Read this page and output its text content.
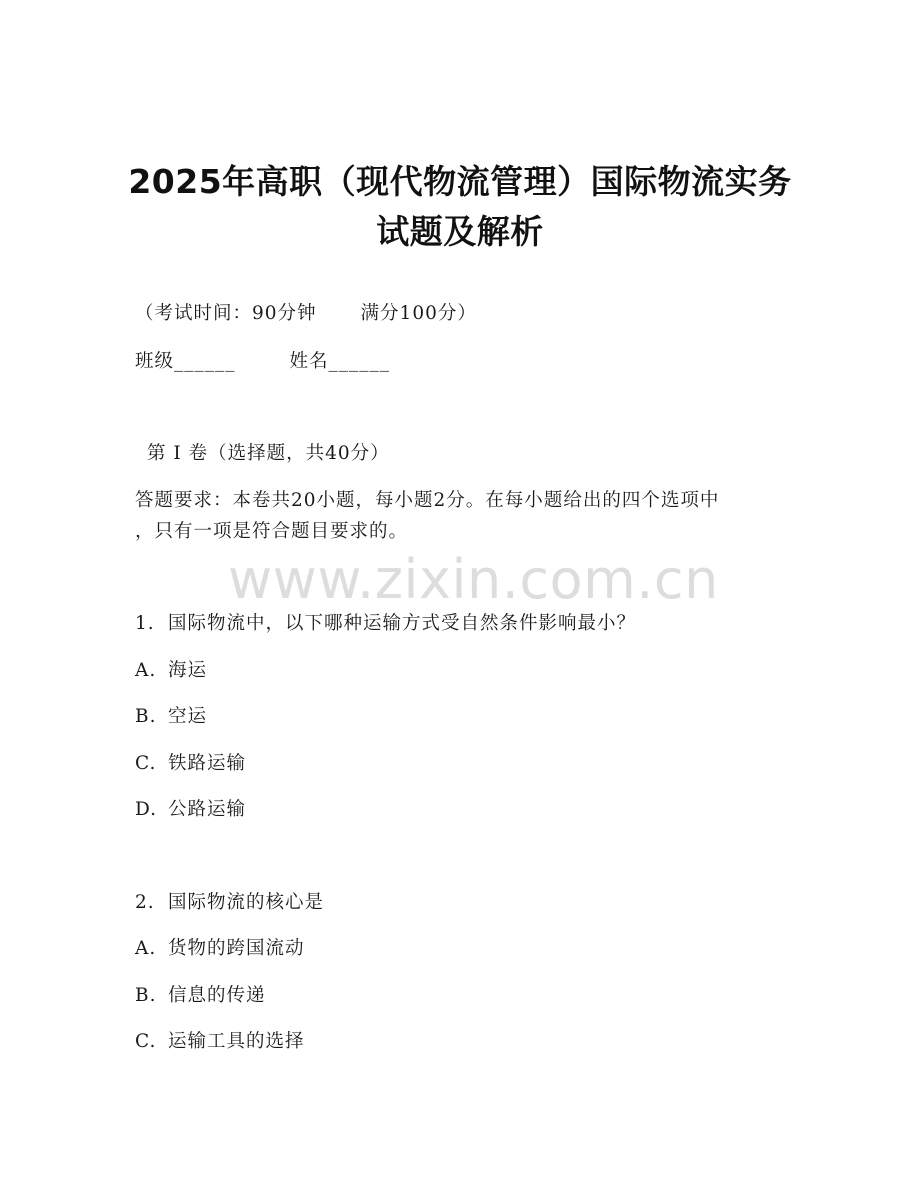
2025年高职（现代物流管理）国际物流实务
试题及解析
（考试时间：90分钟 满分100分）
班级______	姓名______
第 I 卷（选择题，共40分）
答题要求：本卷共20小题，每小题2分。在每小题给出的四个选项中
，只有一项是符合题目要求的。
www.zixin.com.cn
1. 国际物流中，以下哪种运输方式受自然条件影响最小？
A. 海运
B. 空运
C. 铁路运输
D. 公路运输
2. 国际物流的核心是
A. 货物的跨国流动
B. 信息的传递
C. 运输工具的选择
